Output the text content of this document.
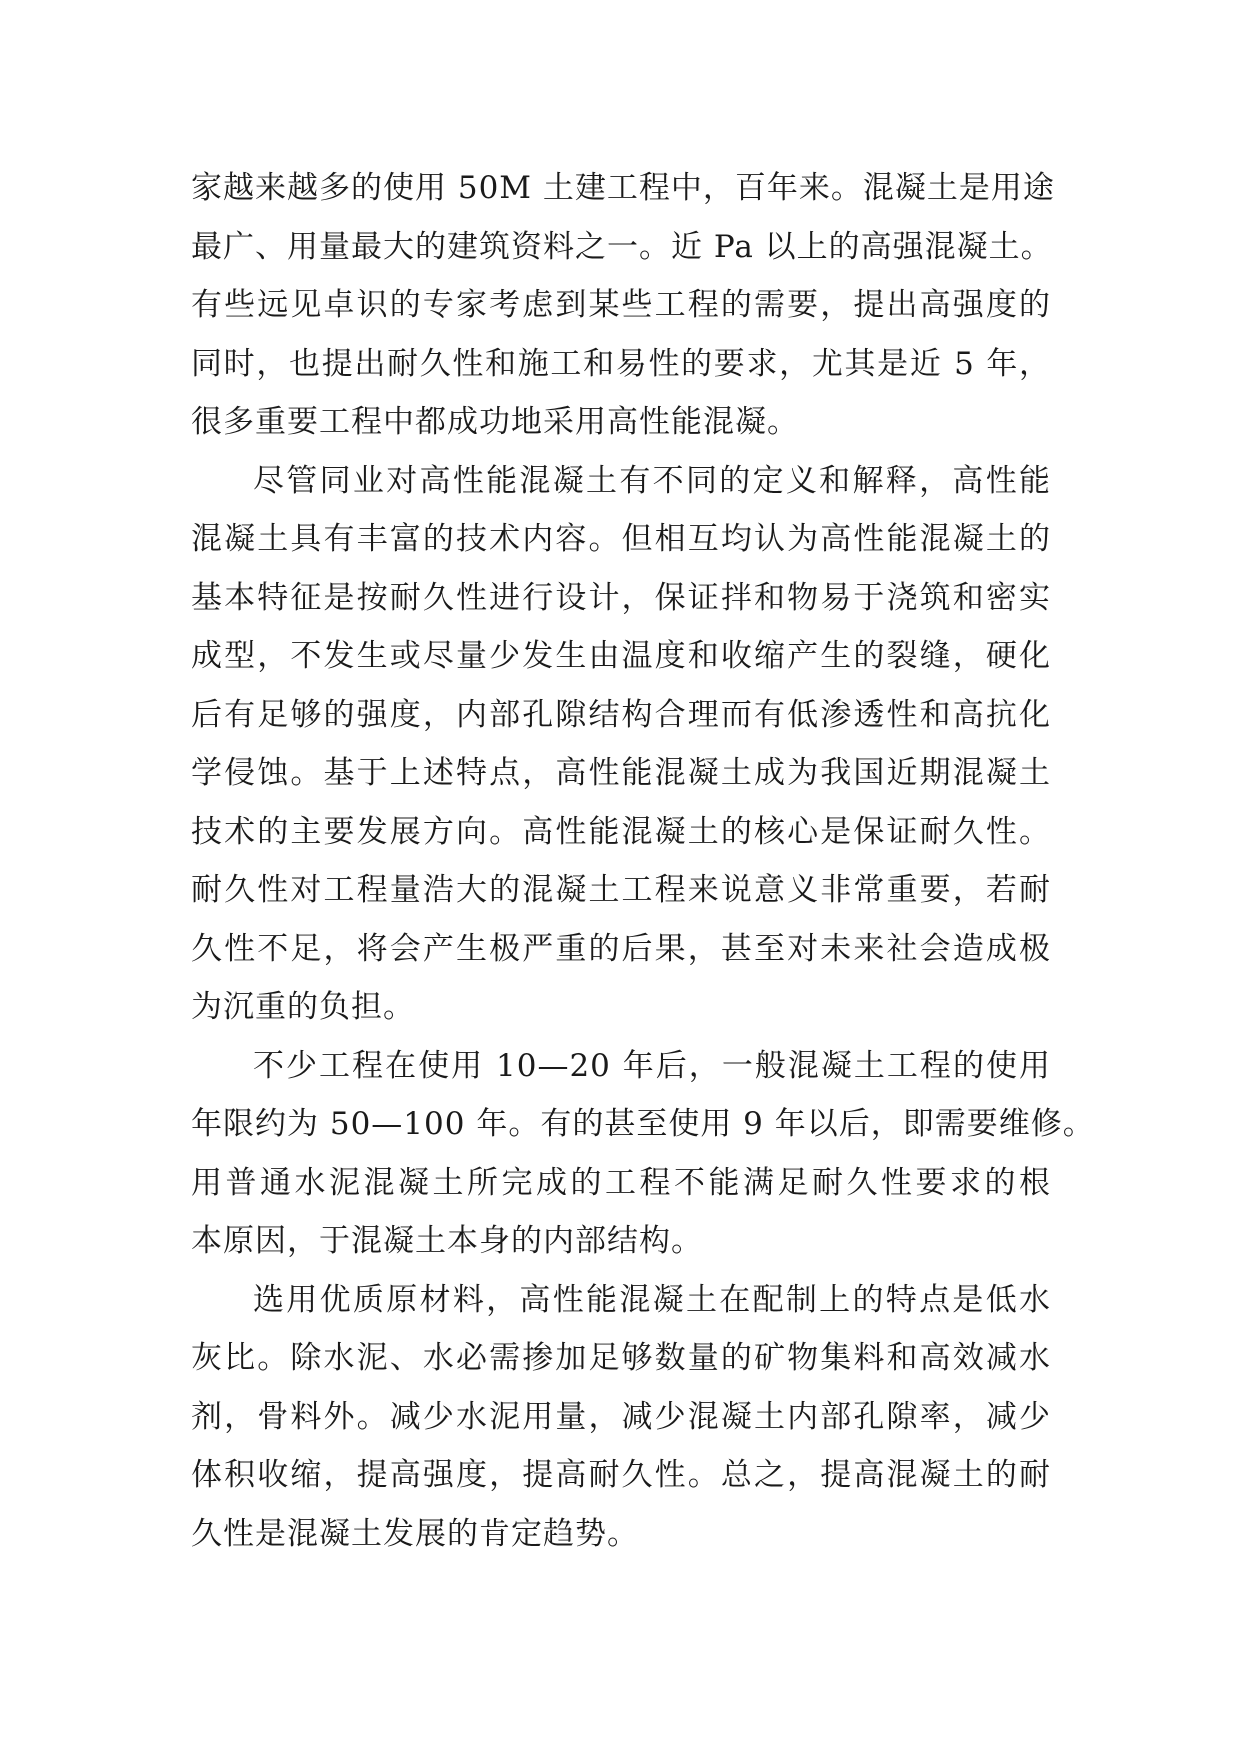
家越来越多的使用 50M 土建工程中，百年来。混凝土是用途
最广、用量最大的建筑资料之一。近 Pa 以上的高强混凝土。
有些远见卓识的专家考虑到某些工程的需要，提出高强度的
同时，也提出耐久性和施工和易性的要求，尤其是近 5 年，
很多重要工程中都成功地采用高性能混凝。
尽管同业对高性能混凝土有不同的定义和解释，高性能
混凝土具有丰富的技术内容。但相互均认为高性能混凝土的
基本特征是按耐久性进行设计，保证拌和物易于浇筑和密实
成型，不发生或尽量少发生由温度和收缩产生的裂缝，硬化
后有足够的强度，内部孔隙结构合理而有低渗透性和高抗化
学侵蚀。基于上述特点，高性能混凝土成为我国近期混凝土
技术的主要发展方向。高性能混凝土的核心是保证耐久性。
耐久性对工程量浩大的混凝土工程来说意义非常重要，若耐
久性不足，将会产生极严重的后果，甚至对未来社会造成极
为沉重的负担。
不少工程在使用 10—20 年后，一般混凝土工程的使用
年限约为 50—100 年。有的甚至使用 9 年以后，即需要维修。
用普通水泥混凝土所完成的工程不能满足耐久性要求的根
本原因，于混凝土本身的内部结构。
选用优质原材料，高性能混凝土在配制上的特点是低水
灰比。除水泥、水必需掺加足够数量的矿物集料和高效减水
剂，骨料外。减少水泥用量，减少混凝土内部孔隙率，减少
体积收缩，提高强度，提高耐久性。总之，提高混凝土的耐
久性是混凝土发展的肯定趋势。
